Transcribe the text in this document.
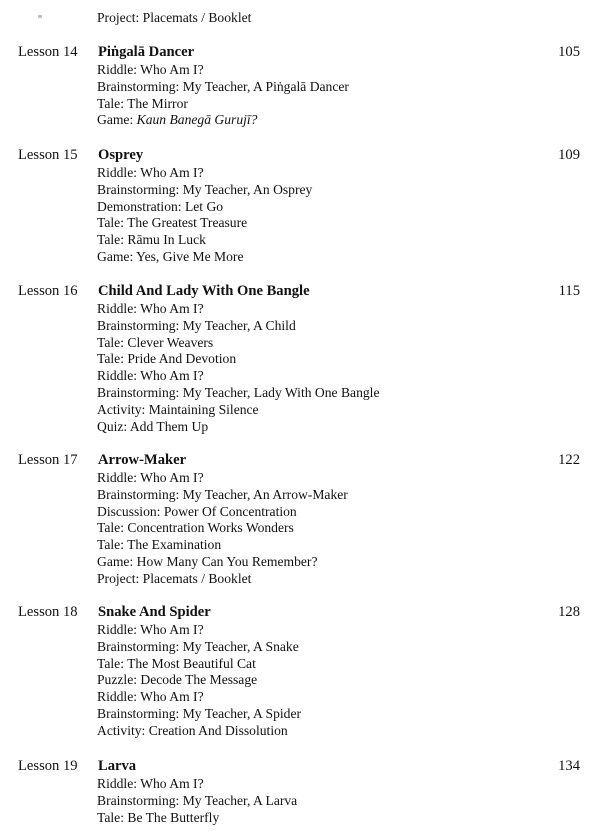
Project: Placemats / Booklet
Lesson 14 Piṅgalā Dancer	105
Riddle: Who Am I?
Brainstorming: My Teacher, A Piṅgalā Dancer
Tale: The Mirror
Game: Kaun Banegā Gurujī?
Lesson 15 Osprey	109
Riddle: Who Am I?
Brainstorming: My Teacher, An Osprey
Demonstration: Let Go
Tale: The Greatest Treasure
Tale: Rāmu In Luck
Game: Yes, Give Me More
Lesson 16 Child And Lady With One Bangle	115
Riddle: Who Am I?
Brainstorming: My Teacher, A Child
Tale: Clever Weavers
Tale: Pride And Devotion
Riddle: Who Am I?
Brainstorming: My Teacher, Lady With One Bangle
Activity: Maintaining Silence
Quiz: Add Them Up
Lesson 17 Arrow-Maker	122
Riddle: Who Am I?
Brainstorming: My Teacher, An Arrow-Maker
Discussion: Power Of Concentration
Tale: Concentration Works Wonders
Tale: The Examination
Game: How Many Can You Remember?
Project: Placemats / Booklet
Lesson 18 Snake And Spider	128
Riddle: Who Am I?
Brainstorming: My Teacher, A Snake
Tale: The Most Beautiful Cat
Puzzle: Decode The Message
Riddle: Who Am I?
Brainstorming: My Teacher, A Spider
Activity: Creation And Dissolution
Lesson 19 Larva	134
Riddle: Who Am I?
Brainstorming: My Teacher, A Larva
Tale: Be The Butterfly
